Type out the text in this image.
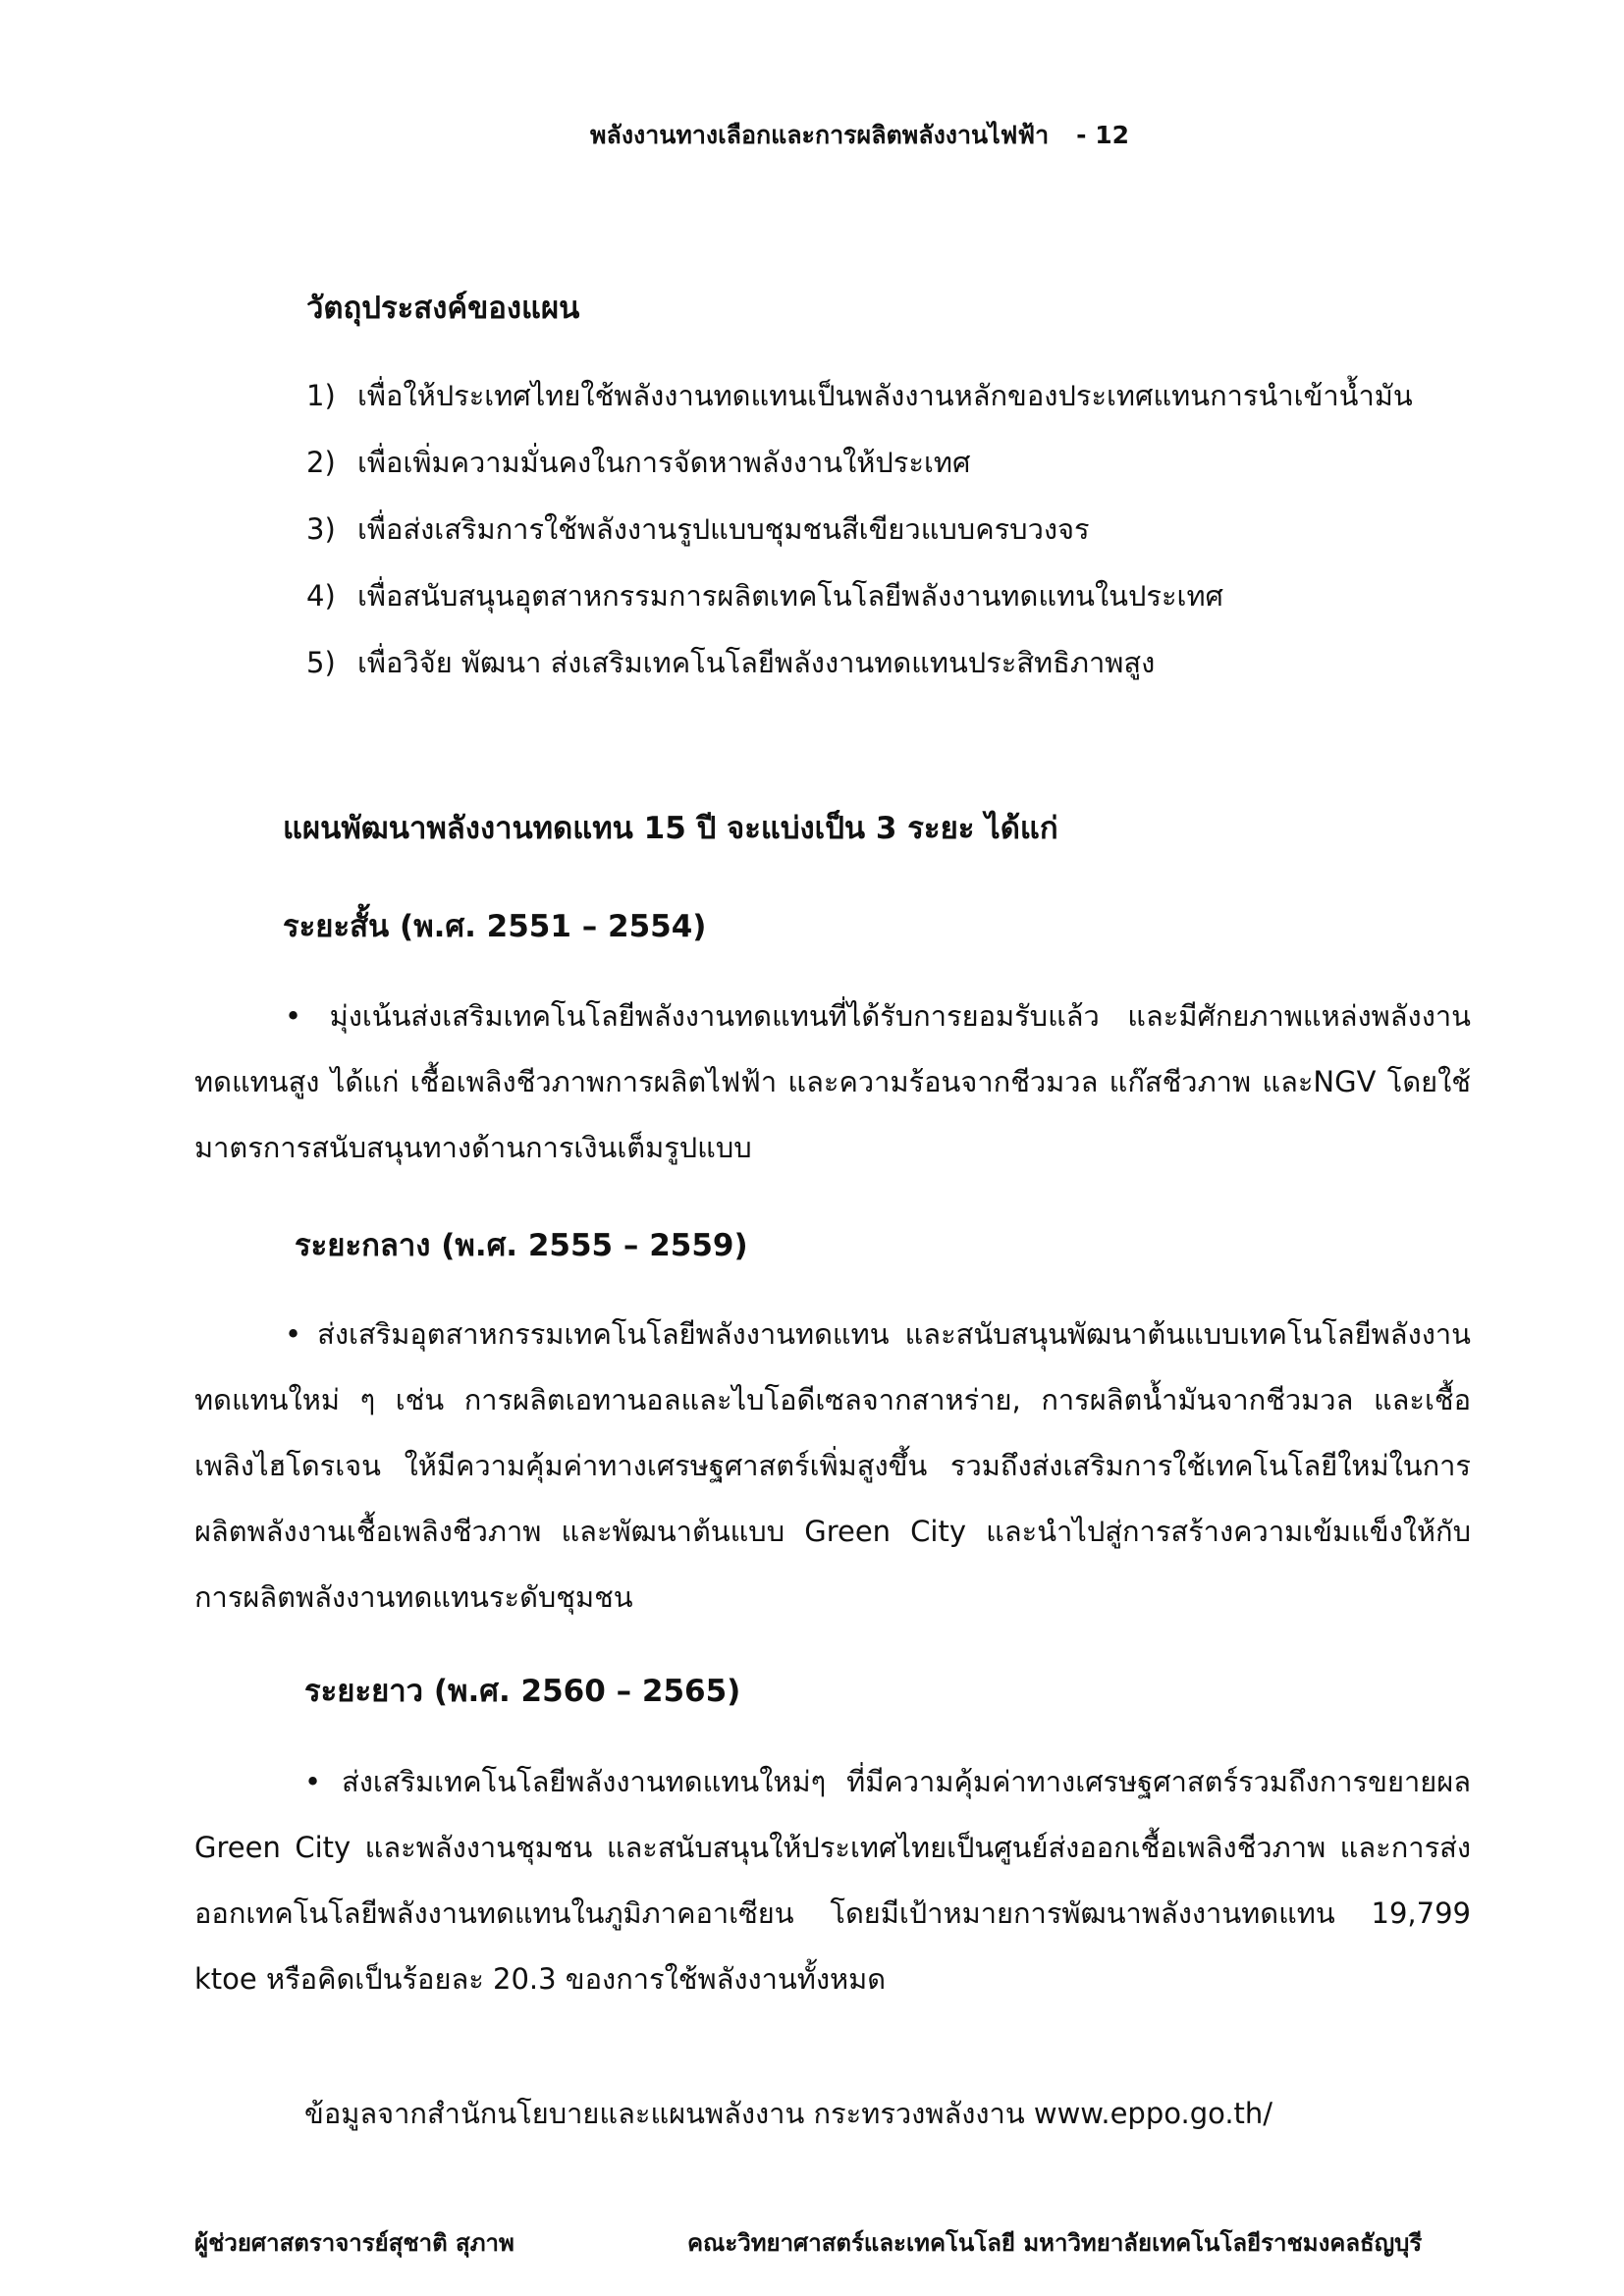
พลังงานทางเลือกและการผลิตพลังงานไฟฟ้า - 12
วัตถุประสงค์ของแผน
1) เพื่อให้ประเทศไทยใช้พลังงานทดแทนเป็นพลังงานหลักของประเทศแทนการนำเข้าน้ำมัน
2) เพื่อเพิ่มความมั่นคงในการจัดหาพลังงานให้ประเทศ
3) เพื่อส่งเสริมการใช้พลังงานรูปแบบชุมชนสีเขียวแบบครบวงจร
4) เพื่อสนับสนุนอุตสาหกรรมการผลิตเทคโนโลยีพลังงานทดแทนในประเทศ
5) เพื่อวิจัย พัฒนา ส่งเสริมเทคโนโลยีพลังงานทดแทนประสิทธิภาพสูง
แผนพัฒนาพลังงานทดแทน 15 ปี จะแบ่งเป็น 3 ระยะ ได้แก่
ระยะสั้น (พ.ศ. 2551 – 2554)

• มุ่งเน้นส่งเสริมเทคโนโลยีพลังงานทดแทนที่ได้รับการยอมรับแล้ว และมีศักยภาพแหล่งพลังงานทดแทนสูง ได้แก่ เชื้อเพลิงชีวภาพการผลิตไฟฟ้า และความร้อนจากชีวมวล แก๊สชีวภาพ และNGV โดยใช้มาตรการสนับสนุนทางด้านการเงินเต็มรูปแบบ

ระยะกลาง (พ.ศ. 2555 – 2559)

• ส่งเสริมอุตสาหกรรมเทคโนโลยีพลังงานทดแทน และสนับสนุนพัฒนาต้นแบบเทคโนโลยีพลังงานทดแทนใหม่ ๆ เช่น การผลิตเอทานอลและไบโอดีเซลจากสาหร่าย, การผลิตน้ำมันจากชีวมวล และเชื้อเพลิงไฮโดรเจน ให้มีความคุ้มค่าทางเศรษฐศาสตร์เพิ่มสูงขึ้น รวมถึงส่งเสริมการใช้เทคโนโลยีใหม่ในการผลิตพลังงานเชื้อเพลิงชีวภาพ และพัฒนาต้นแบบ Green City และนำไปสู่การสร้างความเข้มแข็งให้กับการผลิตพลังงานทดแทนระดับชุมชน

ระยะยาว (พ.ศ. 2560 – 2565)

• ส่งเสริมเทคโนโลยีพลังงานทดแทนใหม่ๆ ที่มีความคุ้มค่าทางเศรษฐศาสตร์รวมถึงการขยายผล Green City และพลังงานชุมชน และสนับสนุนให้ประเทศไทยเป็นศูนย์ส่งออกเชื้อเพลิงชีวภาพ และการส่งออกเทคโนโลยีพลังงานทดแทนในภูมิภาคอาเซียน โดยมีเป้าหมายการพัฒนาพลังงานทดแทน 19,799 ktoe หรือคิดเป็นร้อยละ 20.3 ของการใช้พลังงานทั้งหมด

ข้อมูลจากสำนักนโยบายและแผนพลังงาน กระทรวงพลังงาน www.eppo.go.th/
ผู้ช่วยศาสตราจารย์สุชาติ สุภาพ	คณะวิทยาศาสตร์และเทคโนโลยี มหาวิทยาลัยเทคโนโลยีราชมงคลธัญบุรี
